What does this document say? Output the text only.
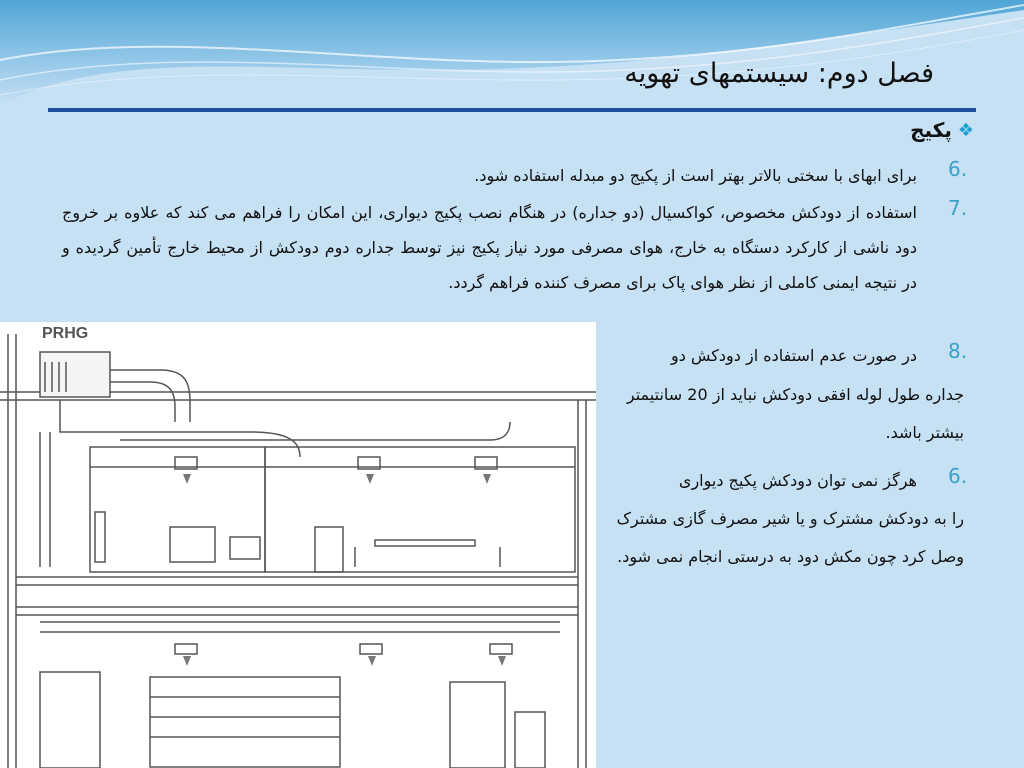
فصل دوم: سیستمهای تهویه
❖
پکیج
6.
برای ابهای با سختی بالاتر بهتر است از پکیج دو مبدله استفاده شود.
7.
استفاده از دودکش مخصوص، کواکسیال (دو جداره) در هنگام نصب پکیج دیواری، این امکان را فراهم می کند که علاوه بر خروج دود ناشی از کارکرد دستگاه به خارج، هوای مصرفی مورد نیاز پکیج نیز توسط جداره دوم دودکش از محیط خارج تأمین گردیده و در نتیجه ایمنی کاملی از نظر هوای پاک برای مصرف کننده فراهم گردد.
8.
در صورت عدم استفاده از دودکش دو
جداره طول لوله افقی دودکش نباید از 20 سانتیمتر بیشتر باشد.
6.
هرگز نمی توان دودکش پکیج دیواری
را به دودکش مشترک و یا شیر مصرف گازی مشترک وصل کرد چون مکش دود به درستی انجام نمی شود.
PRHG
